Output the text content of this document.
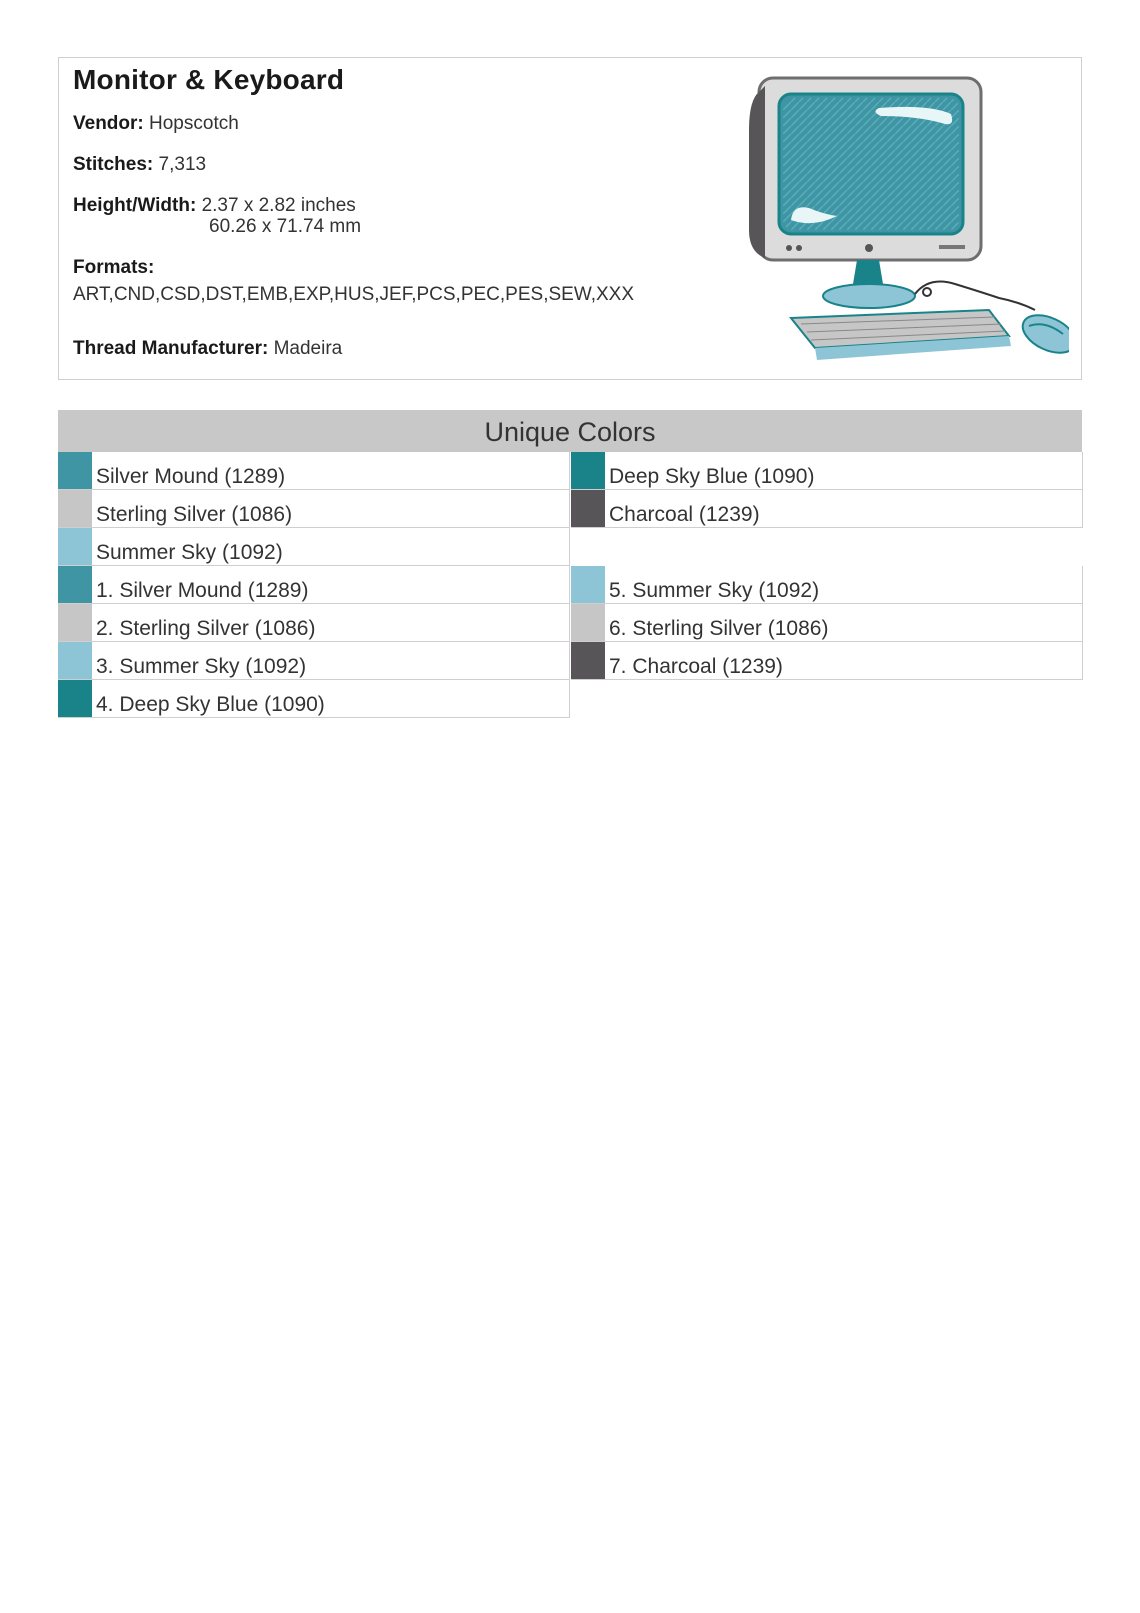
Monitor & Keyboard
Vendor: Hopscotch
Stitches: 7,313
Height/Width: 2.37 x 2.82 inches
60.26 x 71.74 mm
Formats:
ART,CND,CSD,DST,EMB,EXP,HUS,JEF,PCS,PEC,PES,SEW,XXX
Thread Manufacturer: Madeira
Unique Colors
Silver Mound (1289)
Sterling Silver (1086)
Summer Sky (1092)
1. Silver Mound (1289)
2. Sterling Silver (1086)
3. Summer Sky (1092)
4. Deep Sky Blue (1090)
Deep Sky Blue (1090)
Charcoal (1239)
5. Summer Sky (1092)
6. Sterling Silver (1086)
7. Charcoal (1239)
